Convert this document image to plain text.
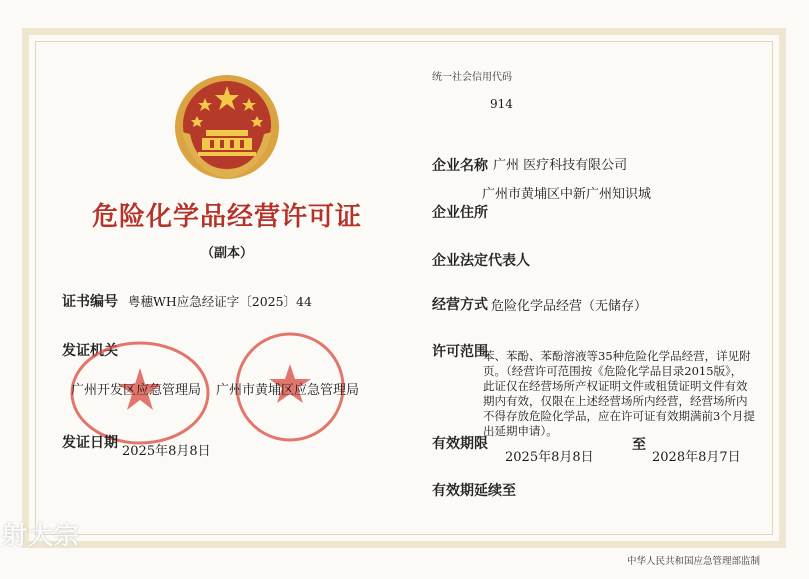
危险化学品经营许可证
（副本）
证书编号 粤穗WH应急经证字〔2025〕44
发证机关
广州开发区应急管理局 广州市黄埔区应急管理局
发证日期
2025年8月8日
统一社会信用代码
914
企业名称 广州 医疗科技有限公司
广州市黄埔区中新广州知识城
企业住所
企业法定代表人
经营方式 危险化学品经营（无储存）
许可范围

苯、苯酚、苯酚溶液等35种危险化学品经营，详见附

页。（经营许可范围按《危险化学品目录2015版》，

此证仅在经营场所产权证明文件或租赁证明文件有效

期内有效，仅限在上述经营场所内经营，经营场所内

不得存放危险化学品，应在许可证有效期满前3个月提

出延期申请）。

有效期限
2025年8月8日
至
2028年8月7日
有效期延续至
中华人民共和国应急管理部监制
射大宗
